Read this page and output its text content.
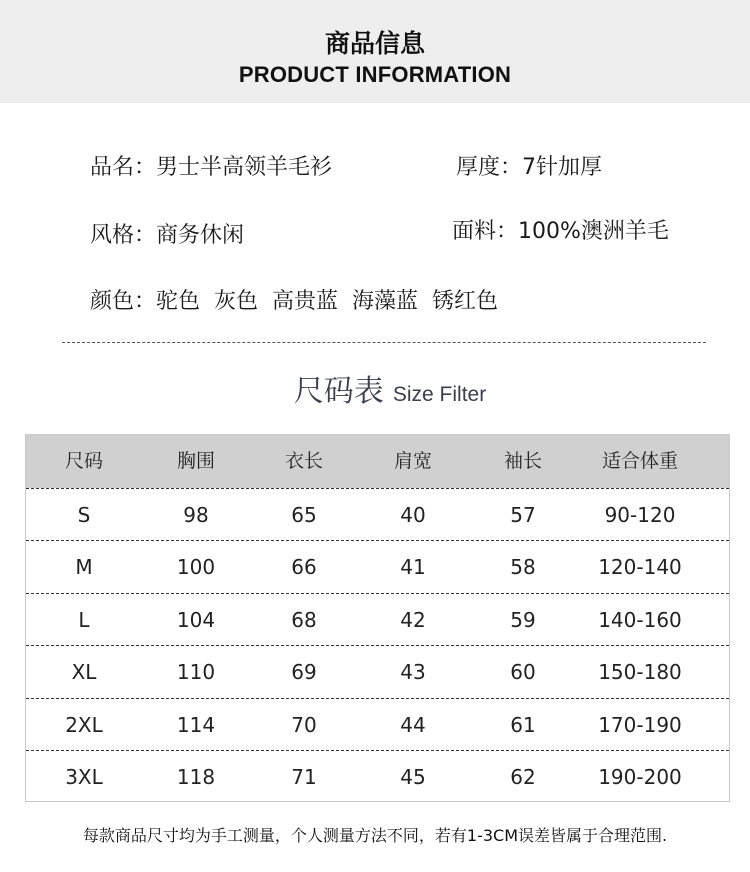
商品信息
PRODUCT INFORMATION
品名：男士半高领羊毛衫	厚度：7针加厚
风格：商务休闲	面料：100%澳洲羊毛
颜色：驼色  灰色  高贵蓝  海藻蓝  锈红色
尺码表 Size Filter
尺码	胸围	衣长	肩宽	袖长	适合体重
S	98	65	40	57	90-120
M	100	66	41	58	120-140
L	104	68	42	59	140-160
XL	110	69	43	60	150-180
2XL	114	70	44	61	170-190
3XL	118	71	45	62	190-200
每款商品尺寸均为手工测量，个人测量方法不同，若有1-3CM误差皆属于合理范围.
